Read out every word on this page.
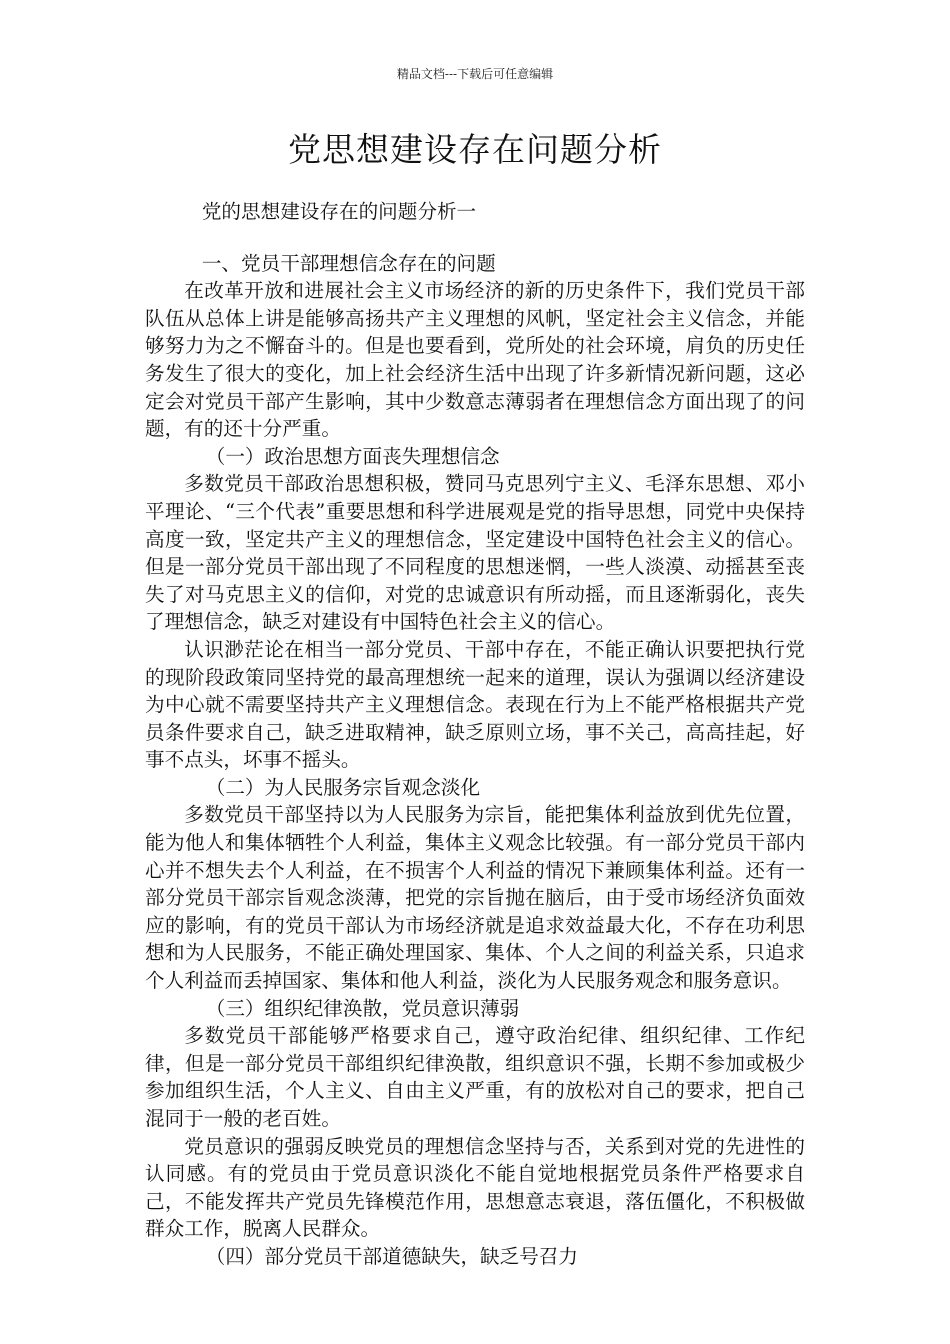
精品文档---下载后可任意编辑
党思想建设存在问题分析

党的思想建设存在的问题分析一

一、党员干部理想信念存在的问题

在改革开放和进展社会主义市场经济的新的历史条件下，我们党员干部队伍从总体上讲是能够高扬共产主义理想的风帆，坚定社会主义信念，并能够努力为之不懈奋斗的。但是也要看到，党所处的社会环境，肩负的历史任务发生了很大的变化，加上社会经济生活中出现了许多新情况新问题，这必定会对党员干部产生影响，其中少数意志薄弱者在理想信念方面出现了的问题，有的还十分严重。

（一）政治思想方面丧失理想信念

多数党员干部政治思想积极，赞同马克思列宁主义、毛泽东思想、邓小平理论、“三个代表”重要思想和科学进展观是党的指导思想，同党中央保持高度一致，坚定共产主义的理想信念，坚定建设中国特色社会主义的信心。但是一部分党员干部出现了不同程度的思想迷惘，一些人淡漠、动摇甚至丧失了对马克思主义的信仰，对党的忠诚意识有所动摇，而且逐渐弱化，丧失了理想信念，缺乏对建设有中国特色社会主义的信心。

认识渺茫论在相当一部分党员、干部中存在，不能正确认识要把执行党的现阶段政策同坚持党的最高理想统一起来的道理，误认为强调以经济建设为中心就不需要坚持共产主义理想信念。表现在行为上不能严格根据共产党员条件要求自己，缺乏进取精神，缺乏原则立场，事不关己，高高挂起，好事不点头，坏事不摇头。

（二）为人民服务宗旨观念淡化

多数党员干部坚持以为人民服务为宗旨，能把集体利益放到优先位置，能为他人和集体牺牲个人利益，集体主义观念比较强。有一部分党员干部内心并不想失去个人利益，在不损害个人利益的情况下兼顾集体利益。还有一部分党员干部宗旨观念淡薄，把党的宗旨抛在脑后，由于受市场经济负面效应的影响，有的党员干部认为市场经济就是追求效益最大化，不存在功利思想和为人民服务，不能正确处理国家、集体、个人之间的利益关系，只追求个人利益而丢掉国家、集体和他人利益，淡化为人民服务观念和服务意识。

（三）组织纪律涣散，党员意识薄弱

多数党员干部能够严格要求自己，遵守政治纪律、组织纪律、工作纪律，但是一部分党员干部组织纪律涣散，组织意识不强，长期不参加或极少参加组织生活，个人主义、自由主义严重，有的放松对自己的要求，把自己混同于一般的老百姓。

党员意识的强弱反映党员的理想信念坚持与否，关系到对党的先进性的认同感。有的党员由于党员意识淡化不能自觉地根据党员条件严格要求自己，不能发挥共产党员先锋模范作用，思想意志衰退，落伍僵化，不积极做群众工作，脱离人民群众。

（四）部分党员干部道德缺失，缺乏号召力
